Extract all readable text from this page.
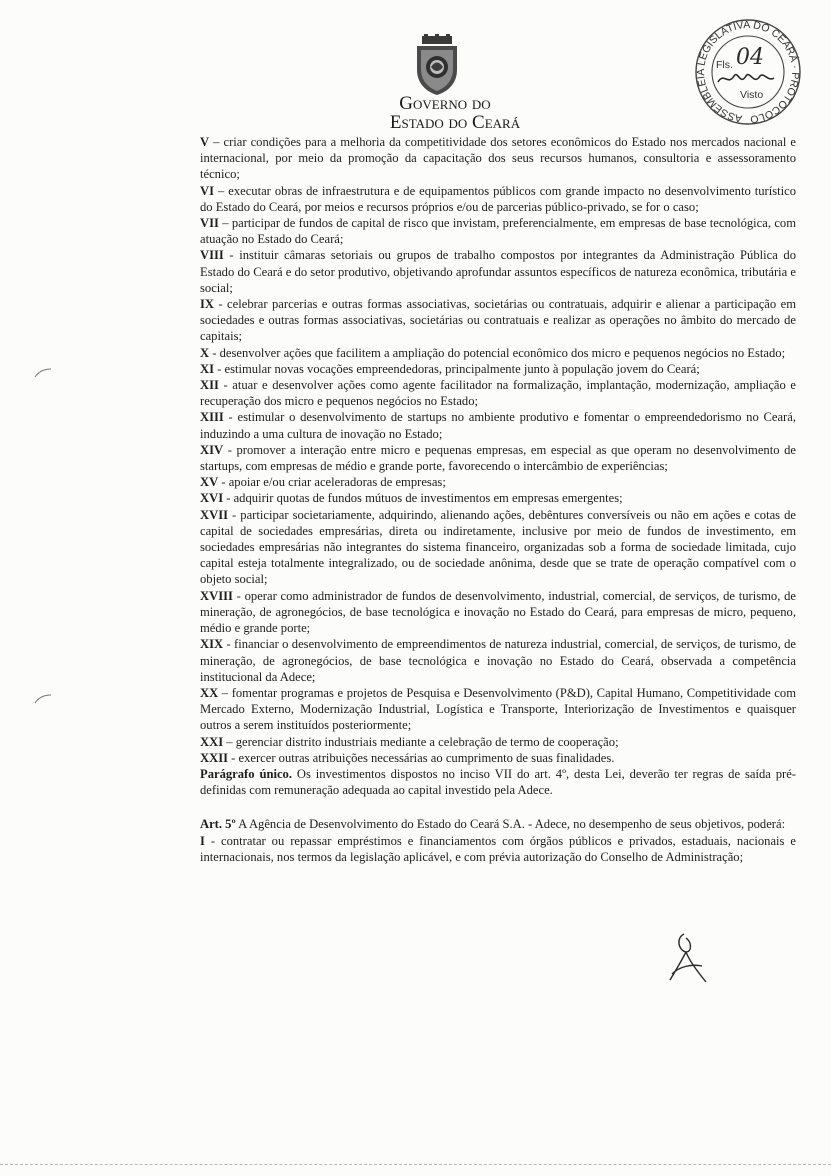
Governo do
Estado do Ceará	ASSEMBLEIA LEGISLATIVA DO CEARÁ · PROTOCOLO
Fls. 04
Visto

V – criar condições para a melhoria da competitividade dos setores econômicos do Estado nos mercados nacional e internacional, por meio da promoção da capacitação dos seus recursos humanos, consultoria e assessoramento técnico;

VI – executar obras de infraestrutura e de equipamentos públicos com grande impacto no desenvolvimento turístico do Estado do Ceará, por meios e recursos próprios e/ou de parcerias público-privado, se for o caso;

VII – participar de fundos de capital de risco que invistam, preferencialmente, em empresas de base tecnológica, com atuação no Estado do Ceará;

VIII - instituir câmaras setoriais ou grupos de trabalho compostos por integrantes da Administração Pública do Estado do Ceará e do setor produtivo, objetivando aprofundar assuntos específicos de natureza econômica, tributária e social;

IX - celebrar parcerias e outras formas associativas, societárias ou contratuais, adquirir e alienar a participação em sociedades e outras formas associativas, societárias ou contratuais e realizar as operações no âmbito do mercado de capitais;

X - desenvolver ações que facilitem a ampliação do potencial econômico dos micro e pequenos negócios no Estado;

XI - estimular novas vocações empreendedoras, principalmente junto à população jovem do Ceará;

XII - atuar e desenvolver ações como agente facilitador na formalização, implantação, modernização, ampliação e recuperação dos micro e pequenos negócios no Estado;

XIII - estimular o desenvolvimento de startups no ambiente produtivo e fomentar o empreendedorismo no Ceará, induzindo a uma cultura de inovação no Estado;

XIV - promover a interação entre micro e pequenas empresas, em especial as que operam no desenvolvimento de startups, com empresas de médio e grande porte, favorecendo o intercâmbio de experiências;

XV - apoiar e/ou criar aceleradoras de empresas;

XVI - adquirir quotas de fundos mútuos de investimentos em empresas emergentes;

XVII - participar societariamente, adquirindo, alienando ações, debêntures conversíveis ou não em ações e cotas de capital de sociedades empresárias, direta ou indiretamente, inclusive por meio de fundos de investimento, em sociedades empresárias não integrantes do sistema financeiro, organizadas sob a forma de sociedade limitada, cujo capital esteja totalmente integralizado, ou de sociedade anônima, desde que se trate de operação compatível com o objeto social;

XVIII - operar como administrador de fundos de desenvolvimento, industrial, comercial, de serviços, de turismo, de mineração, de agronegócios, de base tecnológica e inovação no Estado do Ceará, para empresas de micro, pequeno, médio e grande porte;

XIX - financiar o desenvolvimento de empreendimentos de natureza industrial, comercial, de serviços, de turismo, de mineração, de agronegócios, de base tecnológica e inovação no Estado do Ceará, observada a competência institucional da Adece;

XX – fomentar programas e projetos de Pesquisa e Desenvolvimento (P&D), Capital Humano, Competitividade com Mercado Externo, Modernização Industrial, Logística e Transporte, Interiorização de Investimentos e quaisquer outros a serem instituídos posteriormente;

XXI – gerenciar distrito industriais mediante a celebração de termo de cooperação;

XXII - exercer outras atribuições necessárias ao cumprimento de suas finalidades.

Parágrafo único. Os investimentos dispostos no inciso VII do art. 4º, desta Lei, deverão ter regras de saída pré-definidas com remuneração adequada ao capital investido pela Adece.

Art. 5º A Agência de Desenvolvimento do Estado do Ceará S.A. - Adece, no desempenho de seus objetivos, poderá:

I - contratar ou repassar empréstimos e financiamentos com órgãos públicos e privados, estaduais, nacionais e internacionais, nos termos da legislação aplicável, e com prévia autorização do Conselho de Administração;
